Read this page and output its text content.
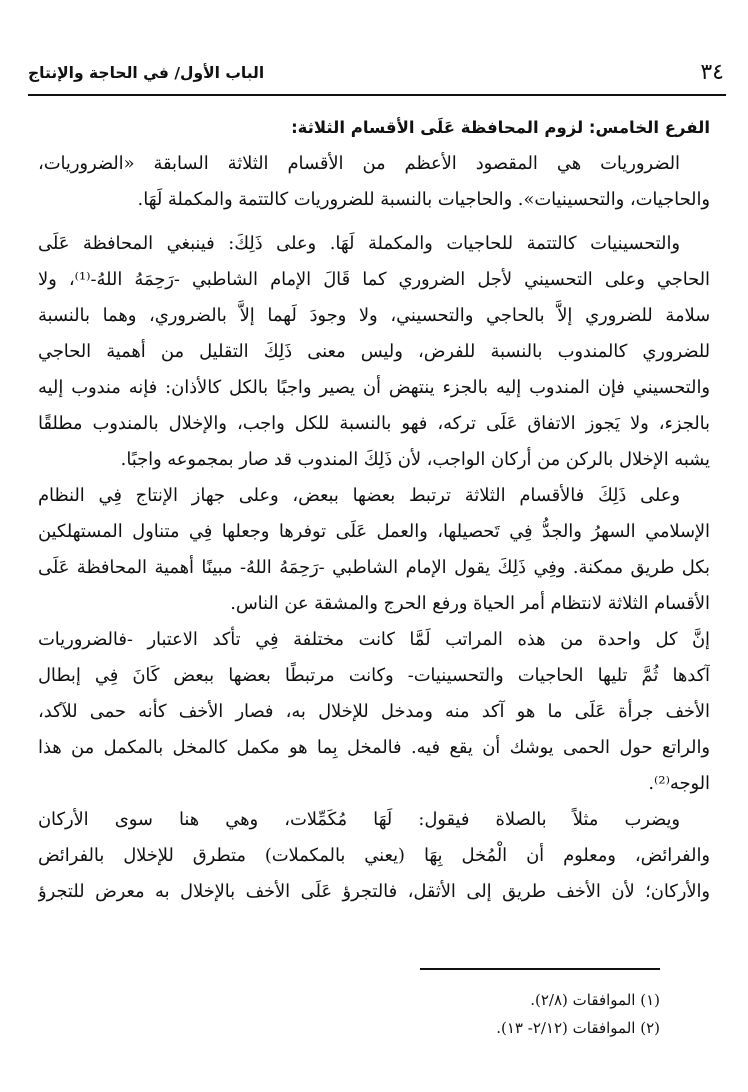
٣٤
الباب الأول/ في الحاجة والإنتاج
الفرع الخامس: لزوم المحافظة عَلَى الأقسام الثلاثة:
الضروريات هي المقصود الأعظم من الأقسام الثلاثة السابقة «الضروريات،
والحاجيات، والتحسينيات». والحاجيات بالنسبة للضروريات كالتتمة والمكملة لَهَا.
والتحسينيات كالتتمة للحاجيات والمكملة لَهَا. وعلى ذَلِكَ: فينبغي المحافظة عَلَى
الحاجي وعلى التحسيني لأجل الضروري كما قَالَ الإمام الشاطبي -رَحِمَهُ اللهُ-⁽¹⁾، ولا
سلامة للضروري إلاَّ بالحاجي والتحسيني، ولا وجودَ لَهما إلاَّ بالضروري، وهما بالنسبة
للضروري كالمندوب بالنسبة للفرض، وليس معنى ذَلِكَ التقليل من أهمية الحاجي
والتحسيني فإن المندوب إليه بالجزء ينتهض أن يصير واجبًا بالكل كالأذان: فإنه مندوب إليه
بالجزء، ولا يَجوز الاتفاق عَلَى تركه، فهو بالنسبة للكل واجب، والإخلال بالمندوب مطلقًا
يشبه الإخلال بالركن من أركان الواجب، لأن ذَلِكَ المندوب قد صار بمجموعه واجبًا.
وعلى ذَلِكَ فالأقسام الثلاثة ترتبط بعضها ببعض، وعلى جهاز الإنتاج فِي النظام
الإسلامي السهرُ والجدُّ فِي تَحصيلها، والعمل عَلَى توفرها وجعلها فِي متناول المستهلكين
بكل طريق ممكنة. وفِي ذَلِكَ يقول الإمام الشاطبي -رَحِمَهُ اللهُ- مبينًا أهمية المحافظة عَلَى
الأقسام الثلاثة لانتظام أمر الحياة ورفع الحرج والمشقة عن الناس.
إنَّ كل واحدة من هذه المراتب لَمَّا كانت مختلفة فِي تأكد الاعتبار -فالضروريات
آكدها ثُمَّ تليها الحاجيات والتحسينيات- وكانت مرتبطًا بعضها ببعض كَانَ فِي إبطال
الأخف جرأة عَلَى ما هو آكد منه ومدخل للإخلال به، فصار الأخف كأنه حمى للآكد،
والراتع حول الحمى يوشك أن يقع فيه. فالمخل بِما هو مكمل كالمخل بالمكمل من هذا
الوجه⁽²⁾.
ويضرب مثلاً بالصلاة فيقول: لَهَا مُكَمِّلات، وهي هنا سوى الأركان
والفرائض، ومعلوم أن الْمُخل بِهَا (يعني بالمكملات) متطرق للإخلال بالفرائض
والأركان؛ لأن الأخف طريق إلى الأثقل، فالتجرؤ عَلَى الأخف بالإخلال به معرض للتجرؤ
(١) الموافقات (٢/٨).
(٢) الموافقات (٢/١٢- ١٣).
